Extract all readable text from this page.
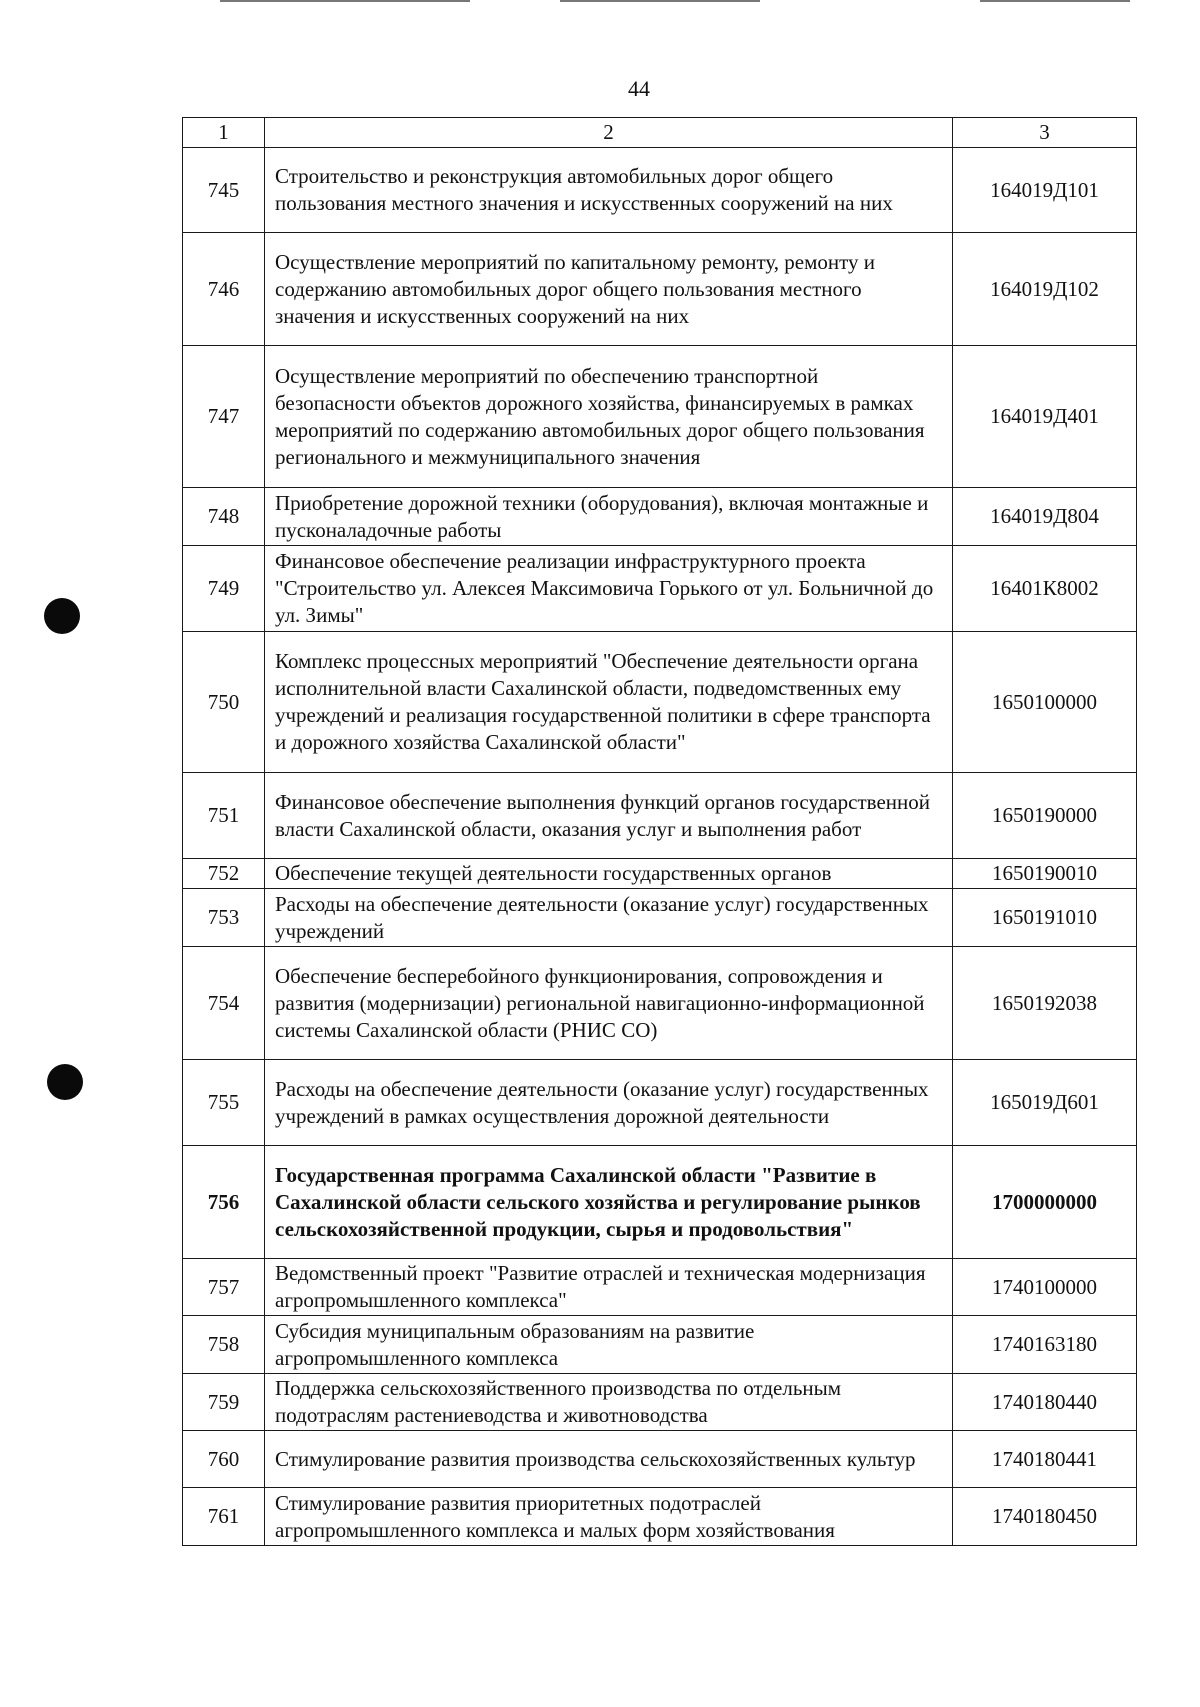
44
1	2	3
745	Строительство и реконструкция автомобильных дорог общего пользования местного значения и искусственных сооружений на них	164019Д101
746	Осуществление мероприятий по капитальному ремонту, ремонту и содержанию автомобильных дорог общего пользования местного значения и искусственных сооружений на них	164019Д102
747	Осуществление мероприятий по обеспечению транспортной безопасности объектов дорожного хозяйства, финансируемых в рамках мероприятий по содержанию автомобильных дорог общего пользования регионального и межмуниципального значения	164019Д401
748	Приобретение дорожной техники (оборудования), включая монтажные и пусконаладочные работы	164019Д804
749	Финансовое обеспечение реализации инфраструктурного проекта "Строительство ул. Алексея Максимовича Горького от ул. Больничной до ул. Зимы"	16401К8002
750	Комплекс процессных мероприятий "Обеспечение деятельности органа исполнительной власти Сахалинской области, подведомственных ему учреждений и реализация государственной политики в сфере транспорта и дорожного хозяйства Сахалинской области"	1650100000
751	Финансовое обеспечение выполнения функций органов государственной власти Сахалинской области, оказания услуг и выполнения работ	1650190000
752	Обеспечение текущей деятельности государственных органов	1650190010
753	Расходы на обеспечение деятельности (оказание услуг) государственных учреждений	1650191010
754	Обеспечение бесперебойного функционирования, сопровождения и развития (модернизации) региональной навигационно-информационной системы Сахалинской области (РНИС СО)	1650192038
755	Расходы на обеспечение деятельности (оказание услуг) государственных учреждений в рамках осуществления дорожной деятельности	165019Д601
756	Государственная программа Сахалинской области "Развитие в Сахалинской области сельского хозяйства и регулирование рынков сельскохозяйственной продукции, сырья и продовольствия"	1700000000
757	Ведомственный проект "Развитие отраслей и техническая модернизация агропромышленного комплекса"	1740100000
758	Субсидия муниципальным образованиям на развитие агропромышленного комплекса	1740163180
759	Поддержка сельскохозяйственного производства по отдельным подотраслям растениеводства и животноводства	1740180440
760	Стимулирование развития производства сельскохозяйственных культур	1740180441
761	Стимулирование развития приоритетных подотраслей агропромышленного комплекса и малых форм хозяйствования	1740180450
